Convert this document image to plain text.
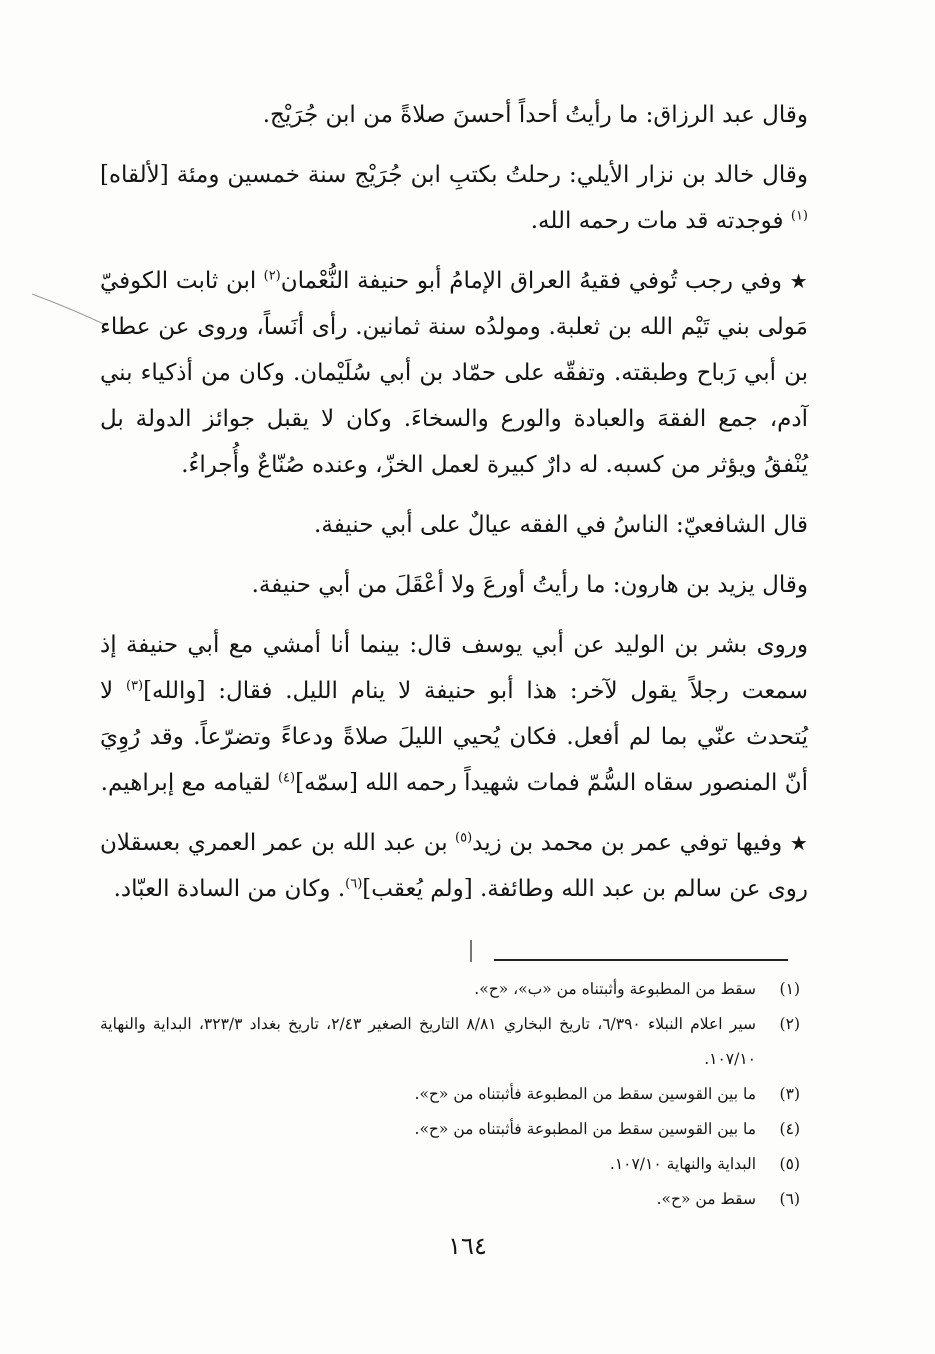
وقال عبد الرزاق: ما رأيتُ أحداً أحسنَ صلاةً من ابن جُرَيْج.

وقال خالد بن نزار الأيلي: رحلتُ بكتبِ ابن جُرَيْج سنة خمسين ومئة [لألقاه]$^{(١)}$ فوجدته قد مات رحمه الله.

★ وفي رجب تُوفي فقيهُ العراق الإمامُ أبو حنيفة النُّعْمان$^{(٢)}$ ابن ثابت الكوفيّ مَولى بني تَيْم الله بن ثعلبة. ومولدُه سنة ثمانين. رأى أنَساً، وروى عن عطاء بن أبي رَباح وطبقته. وتفقّه على حمّاد بن أبي سُلَيْمان. وكان من أذكياء بني آدم، جمع الفقهَ والعبادة والورع والسخاءَ. وكان لا يقبل جوائز الدولة بل يُنْفقُ ويؤثر من كسبه. له دارٌ كبيرة لعمل الخزّ، وعنده صُنّاعٌ وأُجراءُ.

قال الشافعيّ: الناسُ في الفقه عيالٌ على أبي حنيفة.

وقال يزيد بن هارون: ما رأيتُ أورعَ ولا أعْقَلَ من أبي حنيفة.

وروى بشر بن الوليد عن أبي يوسف قال: بينما أنا أمشي مع أبي حنيفة إذ سمعت رجلاً يقول لآخر: هذا أبو حنيفة لا ينام الليل. فقال: [والله]$^{(٣)}$ لا يُتحدث عنّي بما لم أفعل. فكان يُحيي الليلَ صلاةً ودعاءً وتضرّعاً. وقد رُوِيَ أنّ المنصور سقاه السُّمّ فمات شهيداً رحمه الله [سمّه]$^{(٤)}$ لقيامه مع إبراهيم.

★ وفيها توفي عمر بن محمد بن زيد$^{(٥)}$ بن عبد الله بن عمر العمري بعسقلان روى عن سالم بن عبد الله وطائفة. [ولم يُعقب]$^{(٦)}$. وكان من السادة العبّاد.

(١)
سقط من المطبوعة وأثبتناه من «ب»، «ح».
(٢)
سير اعلام النبلاء ٦/٣٩٠، تاريخ البخاري ٨/٨١ التاريخ الصغير ٢/٤٣، تاريخ بغداد ٣٢٣/٣، البداية والنهاية ١٠٧/١٠.
(٣)
ما بين القوسين سقط من المطبوعة فأثبتناه من «ح».
(٤)
ما بين القوسين سقط من المطبوعة فأثبتناه من «ح».
(٥)
البداية والنهاية ١٠٧/١٠.
(٦)
سقط من «ح».
١٦٤
